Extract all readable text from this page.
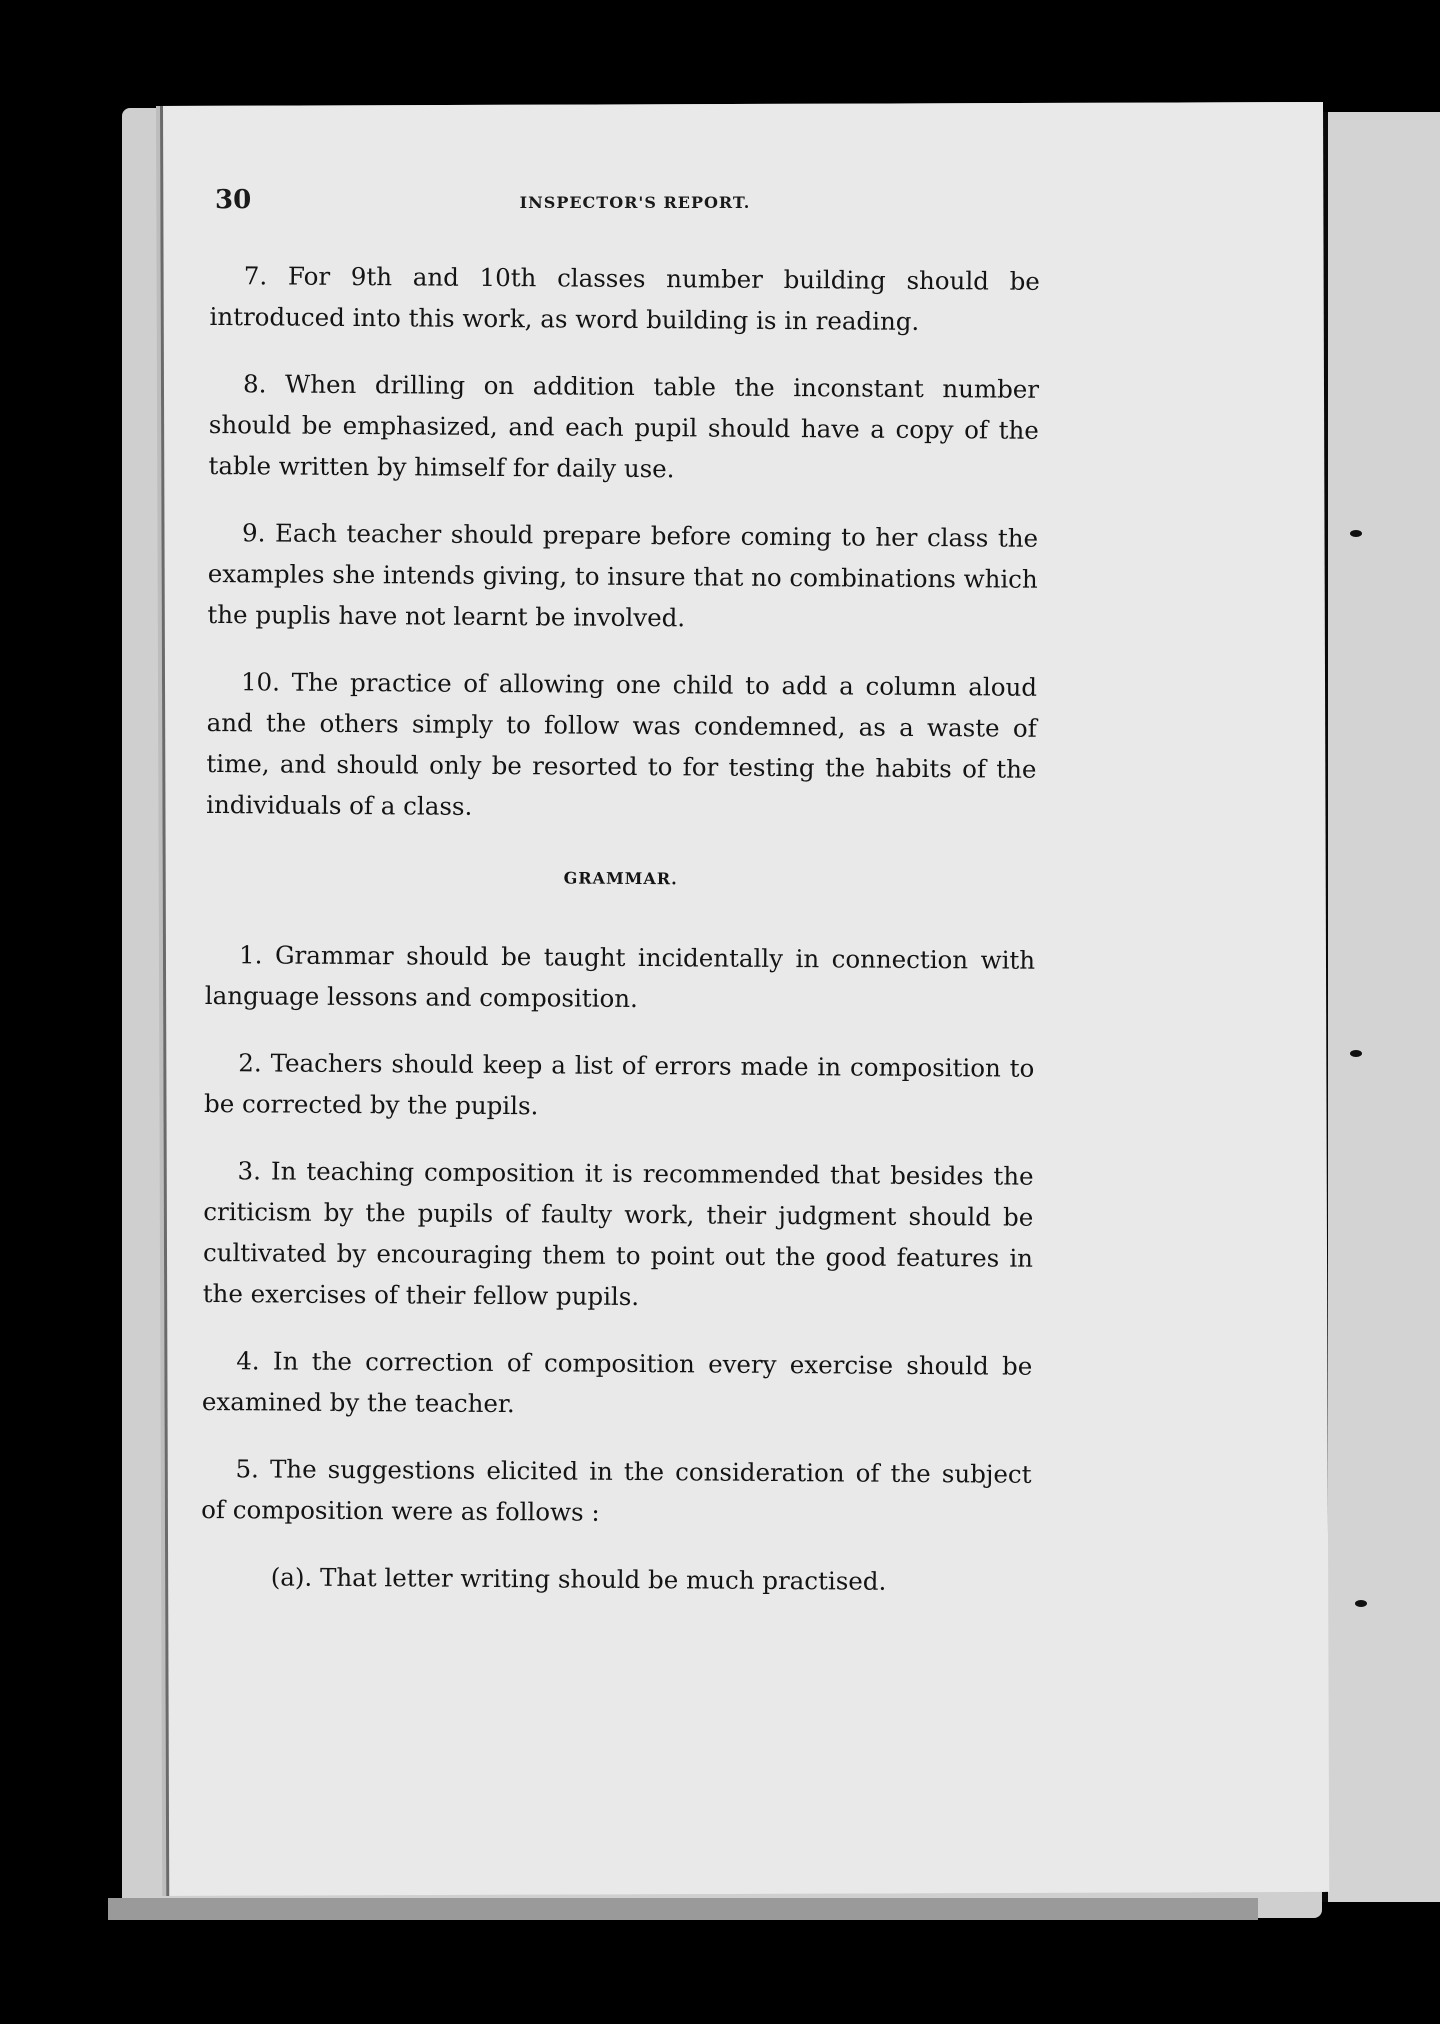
30	INSPECTOR'S REPORT.

7. For 9th and 10th classes number building should be introduced into this work, as word building is in reading.

8. When drilling on addition table the inconstant number should be emphasized, and each pupil should have a copy of the table written by himself for daily use.

9. Each teacher should prepare before coming to her class the examples she intends giving, to insure that no combinations which the puplis have not learnt be involved.

10. The practice of allowing one child to add a column aloud and the others simply to follow was condemned, as a waste of time, and should only be resorted to for testing the habits of the individuals of a class.

GRAMMAR.

1. Grammar should be taught incidentally in connection with language lessons and composition.

2. Teachers should keep a list of errors made in composition to be corrected by the pupils.

3. In teaching composition it is recommended that besides the criticism by the pupils of faulty work, their judgment should be cultivated by encouraging them to point out the good features in the exercises of their fellow pupils.

4. In the correction of composition every exercise should be examined by the teacher.

5. The suggestions elicited in the consideration of the subject of composition were as follows :

(a). That letter writing should be much practised.
